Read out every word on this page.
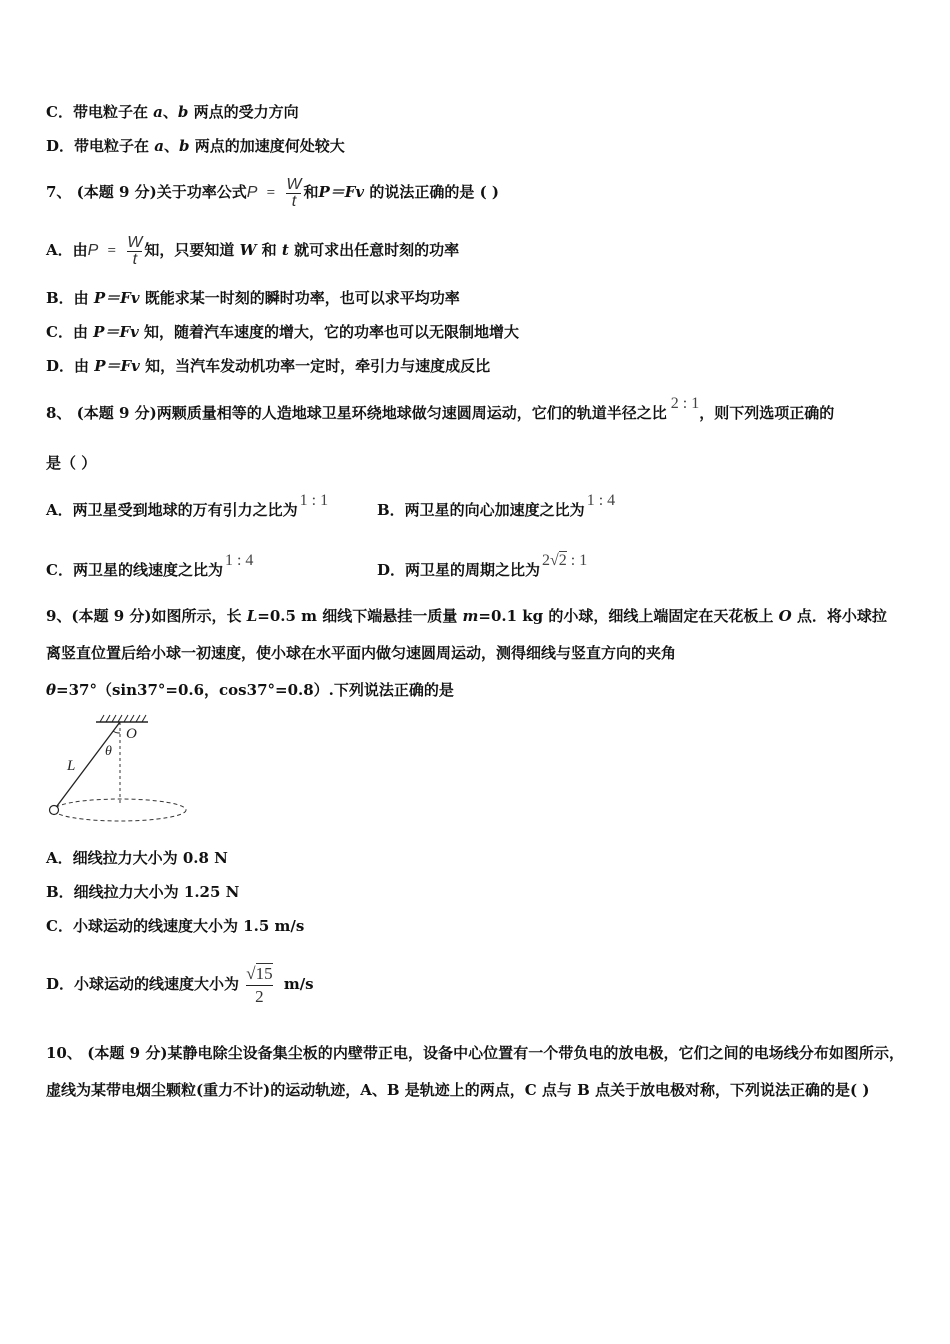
C．带电粒子在 a、b 两点的受力方向
D．带电粒子在 a、b 两点的加速度何处较大
7、 (本题 9 分)关于功率公式$P = \frac{W}{t}$ 和P＝Fv 的说法正确的是 ( )
A．由$P = \frac{W}{t}$ 知，只要知道 W 和 t 就可求出任意时刻的功率
B．由 P＝Fv 既能求某一时刻的瞬时功率，也可以求平均功率
C．由 P＝Fv 知，随着汽车速度的增大，它的功率也可以无限制地增大
D．由 P＝Fv 知，当汽车发动机功率一定时，牵引力与速度成反比
8、 (本题 9 分)两颗质量相等的人造地球卫星环绕地球做匀速圆周运动，它们的轨道半径之比2 : 1，则下列选项正确的
是（ ）
A．两卫星受到地球的万有引力之比为1 : 1
B．两卫星的向心加速度之比为1 : 4
C．两卫星的线速度之比为1 : 4
D．两卫星的周期之比为2√2 : 1
9、(本题 9 分)如图所示，长 L=0.5 m 细线下端悬挂一质量 m=0.1 kg 的小球，细线上端固定在天花板上 O 点．将小球拉
离竖直位置后给小球一初速度，使小球在水平面内做匀速圆周运动，测得细线与竖直方向的夹角
θ=37°（sin37°=0.6，cos37°=0.8）.下列说法正确的是
O
θ
L
A．细线拉力大小为 0.8 N
B．细线拉力大小为 1.25 N
C．小球运动的线速度大小为 1.5 m/s
D．小球运动的线速度大小为 $\frac{√15}{2} m/s$
10、 (本题 9 分)某静电除尘设备集尘板的内壁带正电，设备中心位置有一个带负电的放电极，它们之间的电场线分布如图所示，虚线为某带电烟尘颗粒(重力不计)的运动轨迹，A、B 是轨迹上的两点，C 点与 B 点关于放电极对称，下列说法正确的是( )
